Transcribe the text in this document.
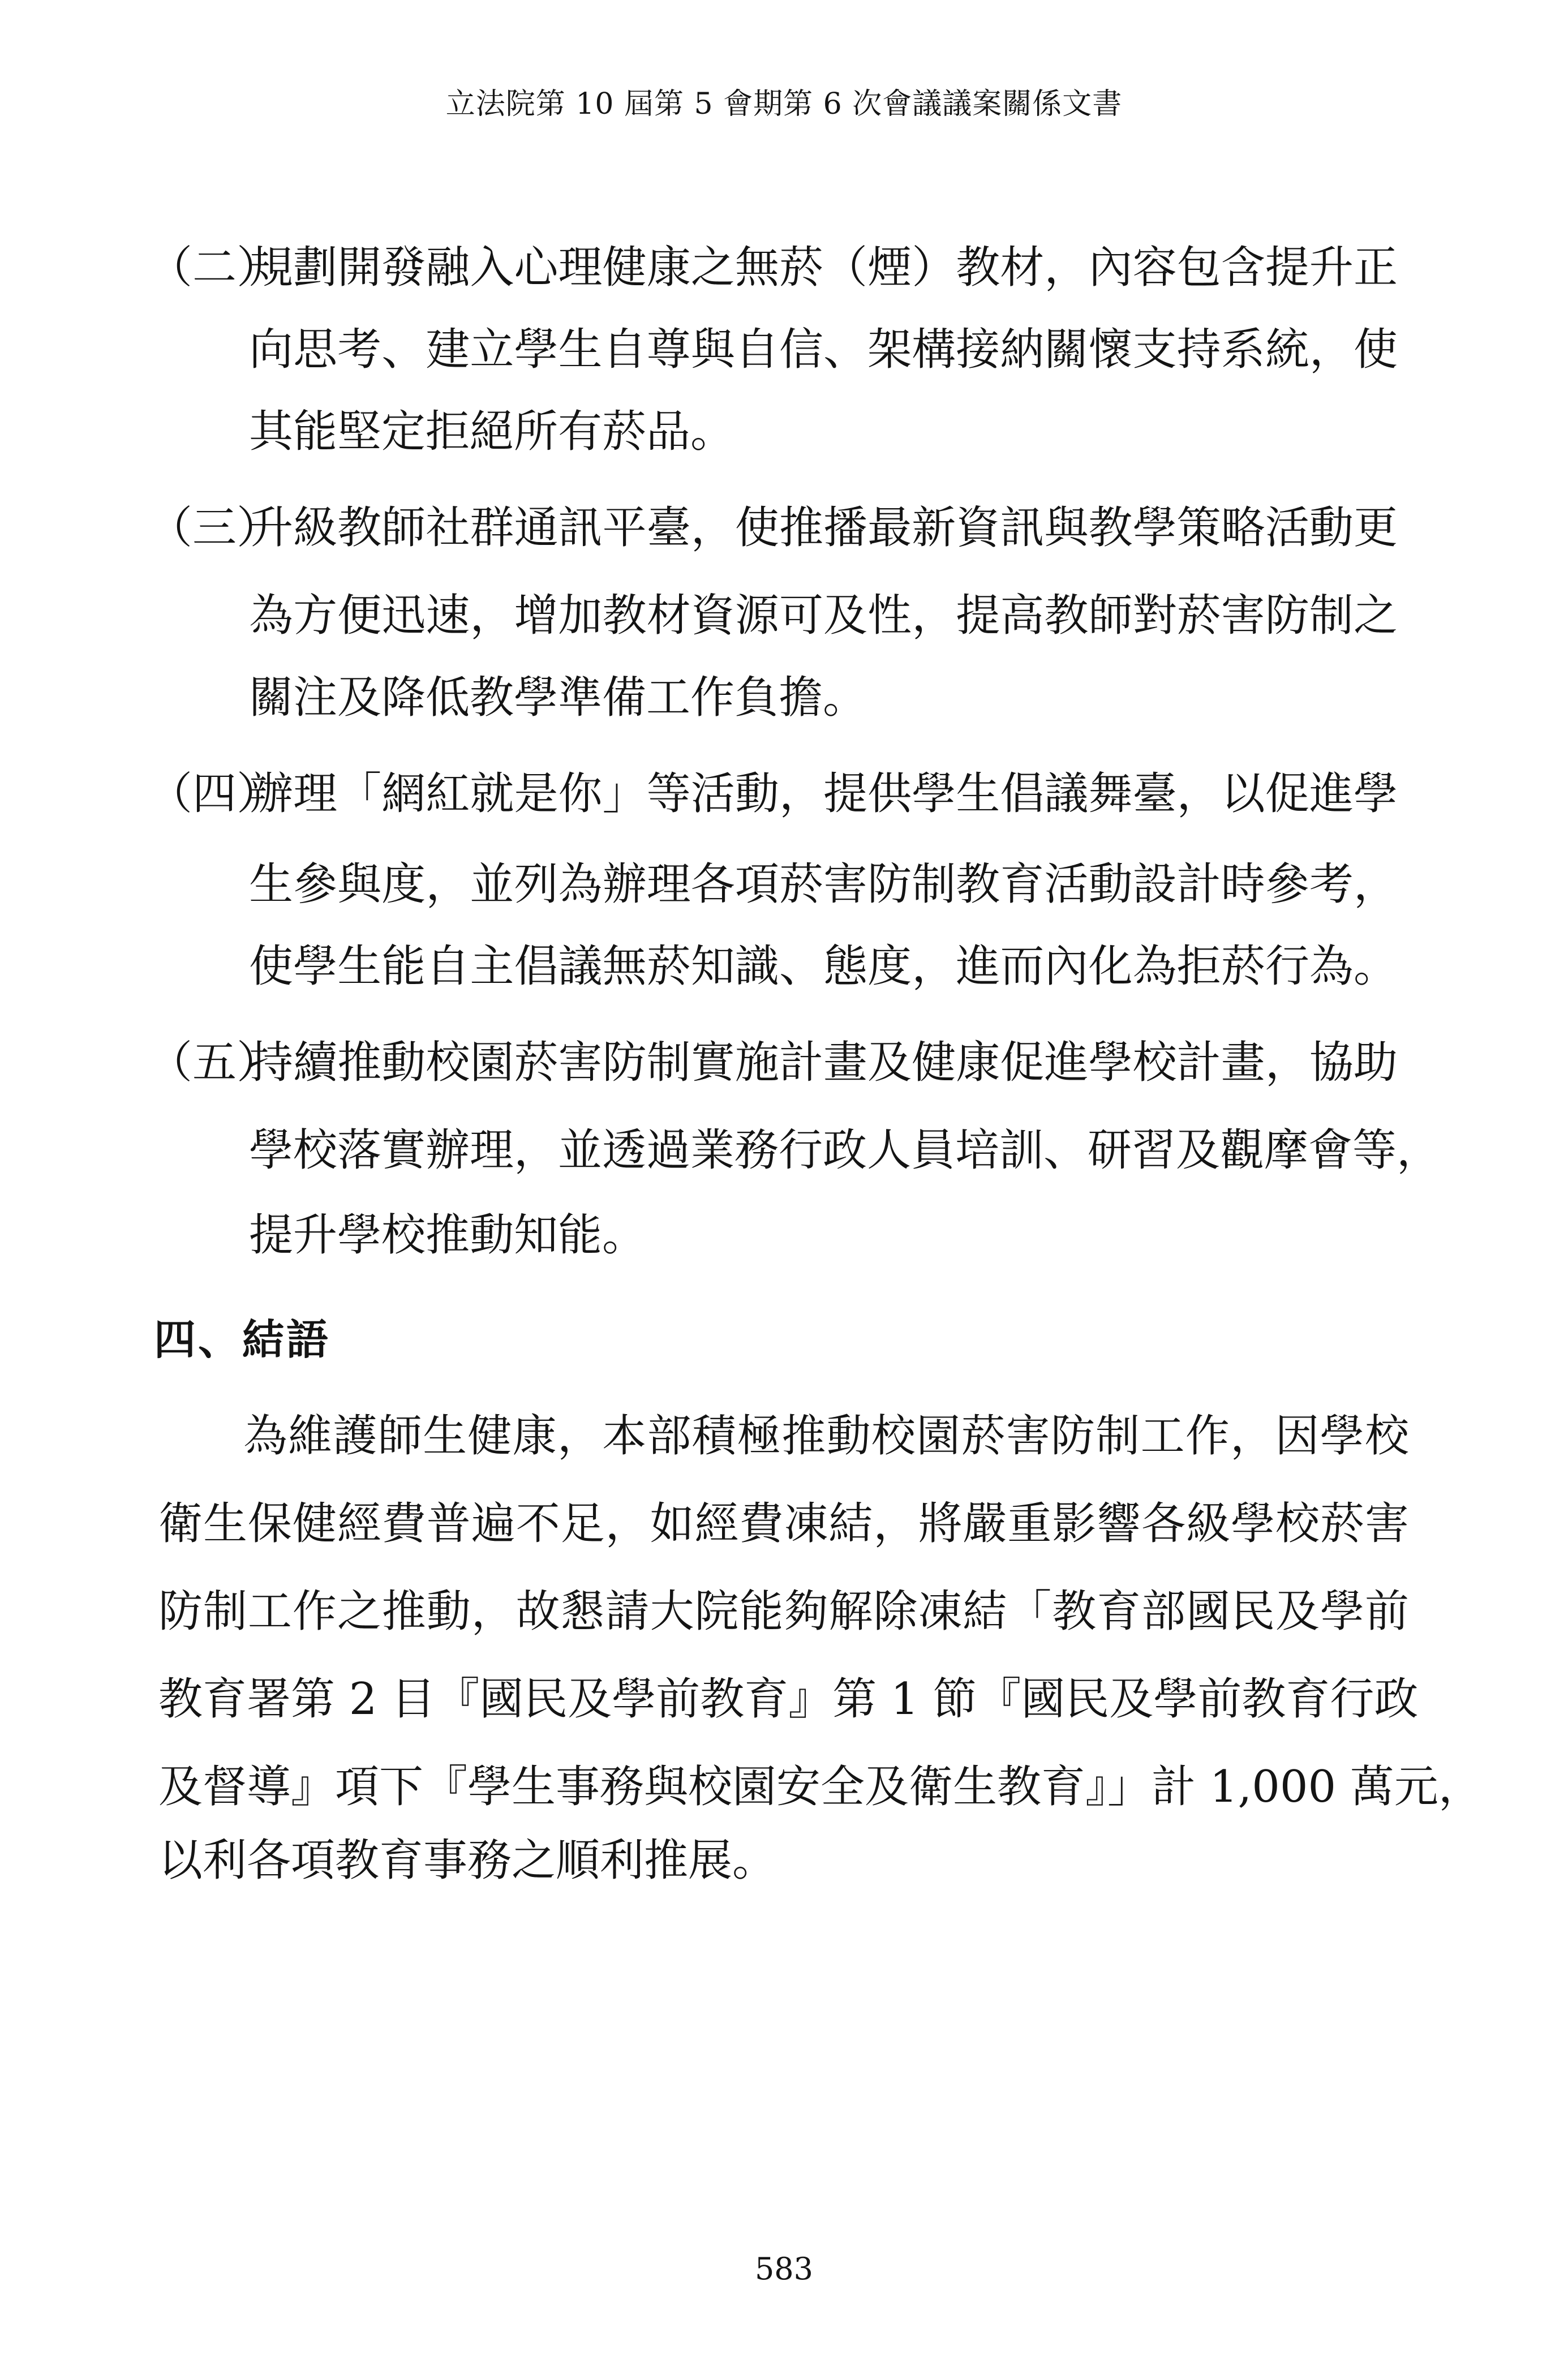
立法院第 10 屆第 5 會期第 6 次會議議案關係文書
（二）
規劃開發融入心理健康之無菸（煙）教材，內容包含提升正
向思考、建立學生自尊與自信、架構接納關懷支持系統，使
其能堅定拒絕所有菸品。
（三）
升級教師社群通訊平臺，使推播最新資訊與教學策略活動更
為方便迅速，增加教材資源可及性，提高教師對菸害防制之
關注及降低教學準備工作負擔。
（四）
辦理「網紅就是你」等活動，提供學生倡議舞臺，以促進學
生參與度，並列為辦理各項菸害防制教育活動設計時參考，
使學生能自主倡議無菸知識、態度，進而內化為拒菸行為。
（五）
持續推動校園菸害防制實施計畫及健康促進學校計畫，協助
學校落實辦理，並透過業務行政人員培訓、研習及觀摩會等，
提升學校推動知能。
四、結語
為維護師生健康，本部積極推動校園菸害防制工作，因學校
衛生保健經費普遍不足，如經費凍結，將嚴重影響各級學校菸害
防制工作之推動，故懇請大院能夠解除凍結「教育部國民及學前
教育署第 2 目『國民及學前教育』第 1 節『國民及學前教育行政
及督導』項下『學生事務與校園安全及衛生教育』」計 1,000 萬元，
以利各項教育事務之順利推展。
583
